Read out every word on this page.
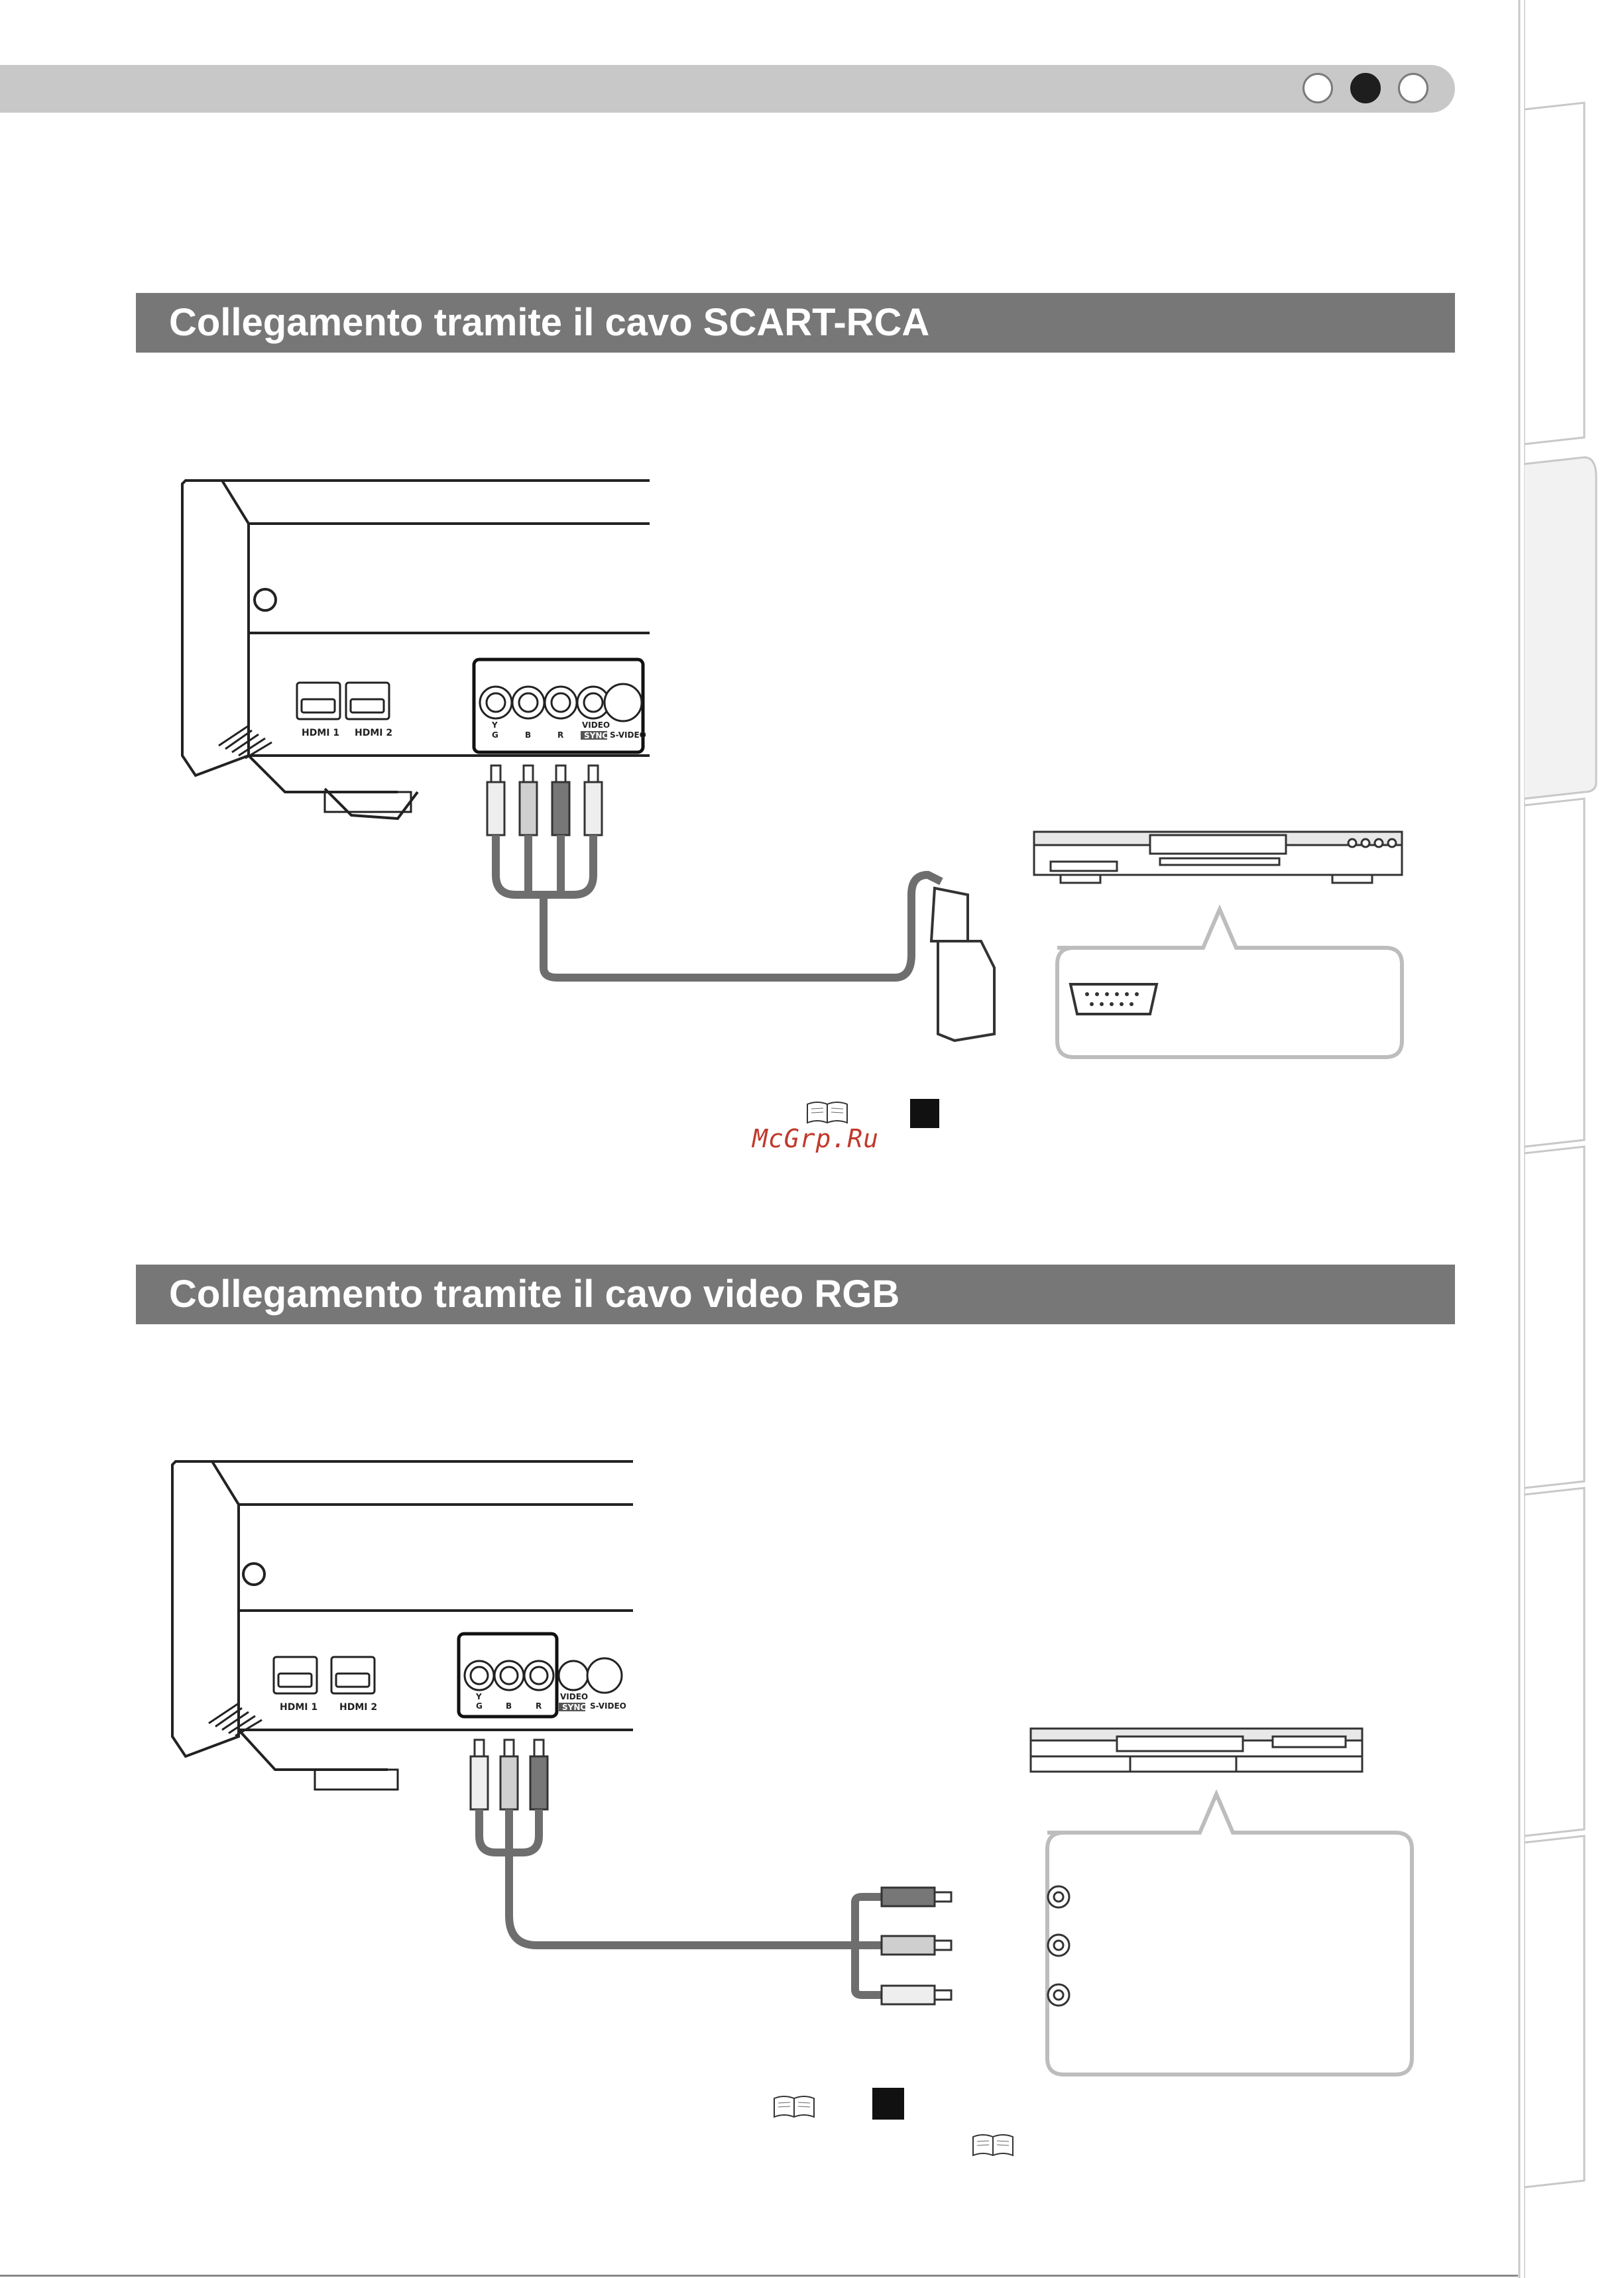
Collegamento tramite il cavo SCART-RCA
HDMI 1 HDMI 2
Y
G	B	R
VIDEO
SYNC S-VIDEO
McGrp.Ru
Collegamento tramite il cavo video RGB
HDMI 1 HDMI 2
Y
G	B	R
VIDEO
SYNC S-VIDEO
